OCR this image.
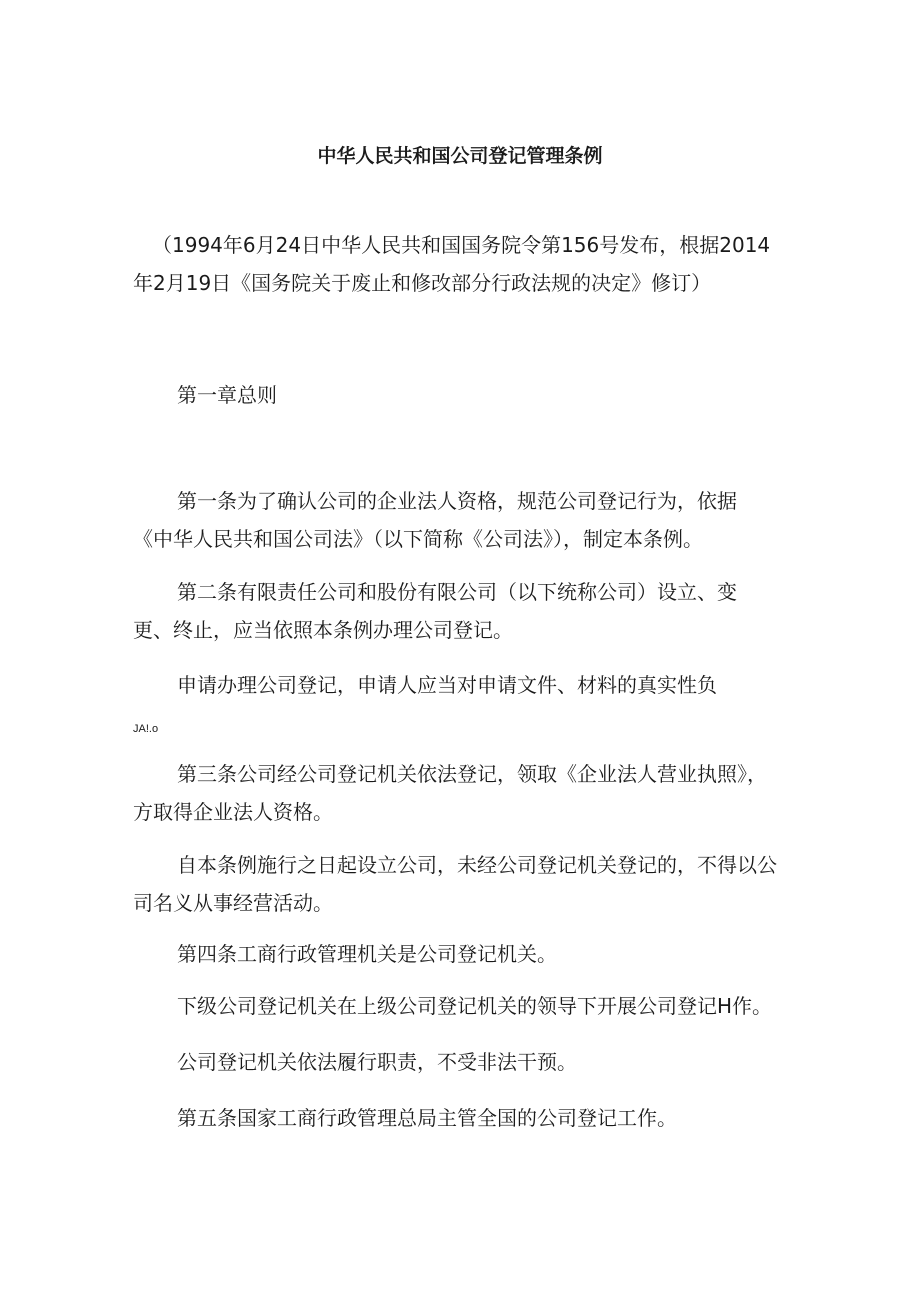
中华人民共和国公司登记管理条例
（1994年6月24日中华人民共和国国务院令第156号发布，根据2014
年2月19日《国务院关于废止和修改部分行政法规的决定》修订）
第一章总则
第一条为了确认公司的企业法人资格，规范公司登记行为，依据
《中华人民共和国公司法》（以下简称《公司法》），制定本条例。
第二条有限责任公司和股份有限公司（以下统称公司）设立、变
更、终止，应当依照本条例办理公司登记。
申请办理公司登记，申请人应当对申请文件、材料的真实性负
JA!.o
第三条公司经公司登记机关依法登记，领取《企业法人营业执照》，
方取得企业法人资格。
自本条例施行之日起设立公司，未经公司登记机关登记的，不得以公
司名义从事经营活动。
第四条工商行政管理机关是公司登记机关。
下级公司登记机关在上级公司登记机关的领导下开展公司登记H作。
公司登记机关依法履行职责，不受非法干预。
第五条国家工商行政管理总局主管全国的公司登记工作。
